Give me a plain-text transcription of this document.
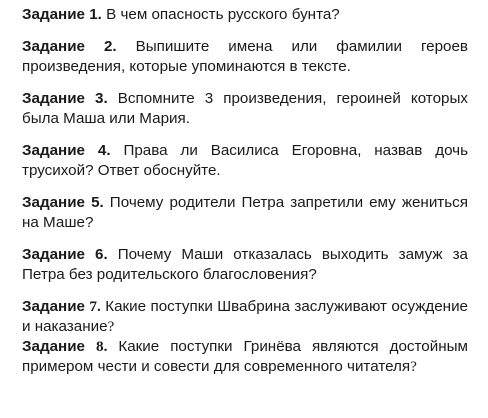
Задание 1. В чем опасность русского бунта?

Задание 2. Выпишите имена или фамилии героев произведения, которые упоминаются в тексте.

Задание 3. Вспомните 3 произведения, героиней которых была Маша или Мария.

Задание 4. Права ли Василиса Егоровна, назвав дочь трусихой? Ответ обоснуйте.

Задание 5. Почему родители Петра запретили ему жениться на Маше?

Задание 6. Почему Маши отказалась выходить замуж за Петра без родительского благословения?

Задание 7. Какие поступки Швабрина заслуживают осуждение и наказание?

Задание 8. Какие поступки Гринёва являются достойным примером чести и совести для современного читателя?
